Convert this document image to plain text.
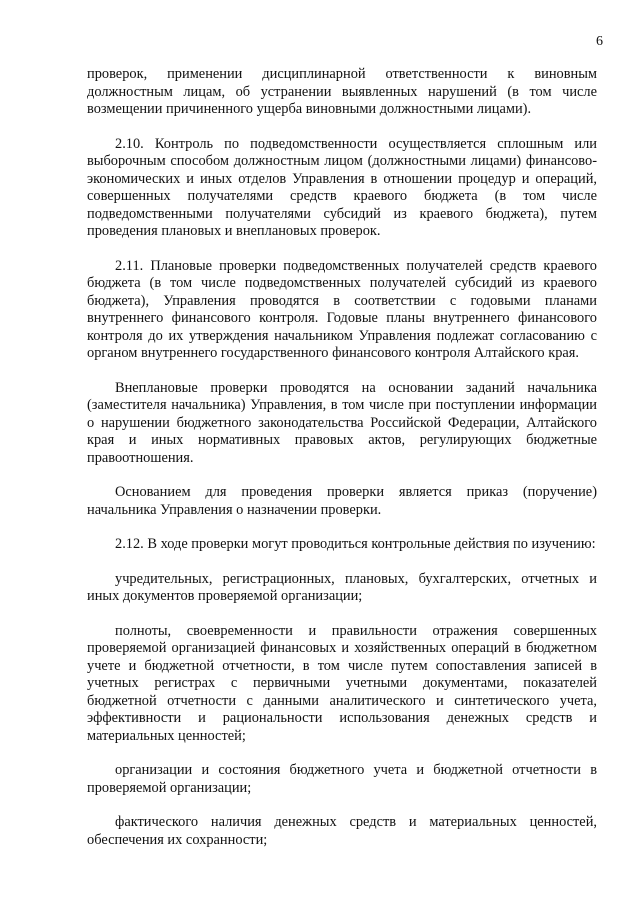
6

проверок, применении дисциплинарной ответственности к виновным должностным лицам, об устранении выявленных нарушений (в том числе возмещении причиненного ущерба виновными должностными лицами).

2.10. Контроль по подведомственности осуществляется сплошным или выборочным способом должностным лицом (должностными лицами) финансово-экономических и иных отделов Управления в отношении процедур и операций, совершенных получателями средств краевого бюджета (в том числе подведомственными получателями субсидий из краевого бюджета), путем проведения плановых и внеплановых проверок.

2.11. Плановые проверки подведомственных получателей средств краевого бюджета (в том числе подведомственных получателей субсидий из краевого бюджета), Управления проводятся в соответствии с годовыми планами внутреннего финансового контроля. Годовые планы внутреннего финансового контроля до их утверждения начальником Управления подлежат согласованию с органом внутреннего государственного финансового контроля Алтайского края.

Внеплановые проверки проводятся на основании заданий начальника (заместителя начальника) Управления, в том числе при поступлении информации о нарушении бюджетного законодательства Российской Федерации, Алтайского края и иных нормативных правовых актов, регулирующих бюджетные правоотношения.

Основанием для проведения проверки является приказ (поручение) начальника Управления о назначении проверки.

2.12. В ходе проверки могут проводиться контрольные действия по изучению:

учредительных, регистрационных, плановых, бухгалтерских, отчетных и иных документов проверяемой организации;

полноты, своевременности и правильности отражения совершенных проверяемой организацией финансовых и хозяйственных операций в бюджетном учете и бюджетной отчетности, в том числе путем сопоставления записей в учетных регистрах с первичными учетными документами, показателей бюджетной отчетности с данными аналитического и синтетического учета, эффективности и рациональности использования денежных средств и материальных ценностей;

организации и состояния бюджетного учета и бюджетной отчетности в проверяемой организации;

фактического наличия денежных средств и материальных ценностей, обеспечения их сохранности;
